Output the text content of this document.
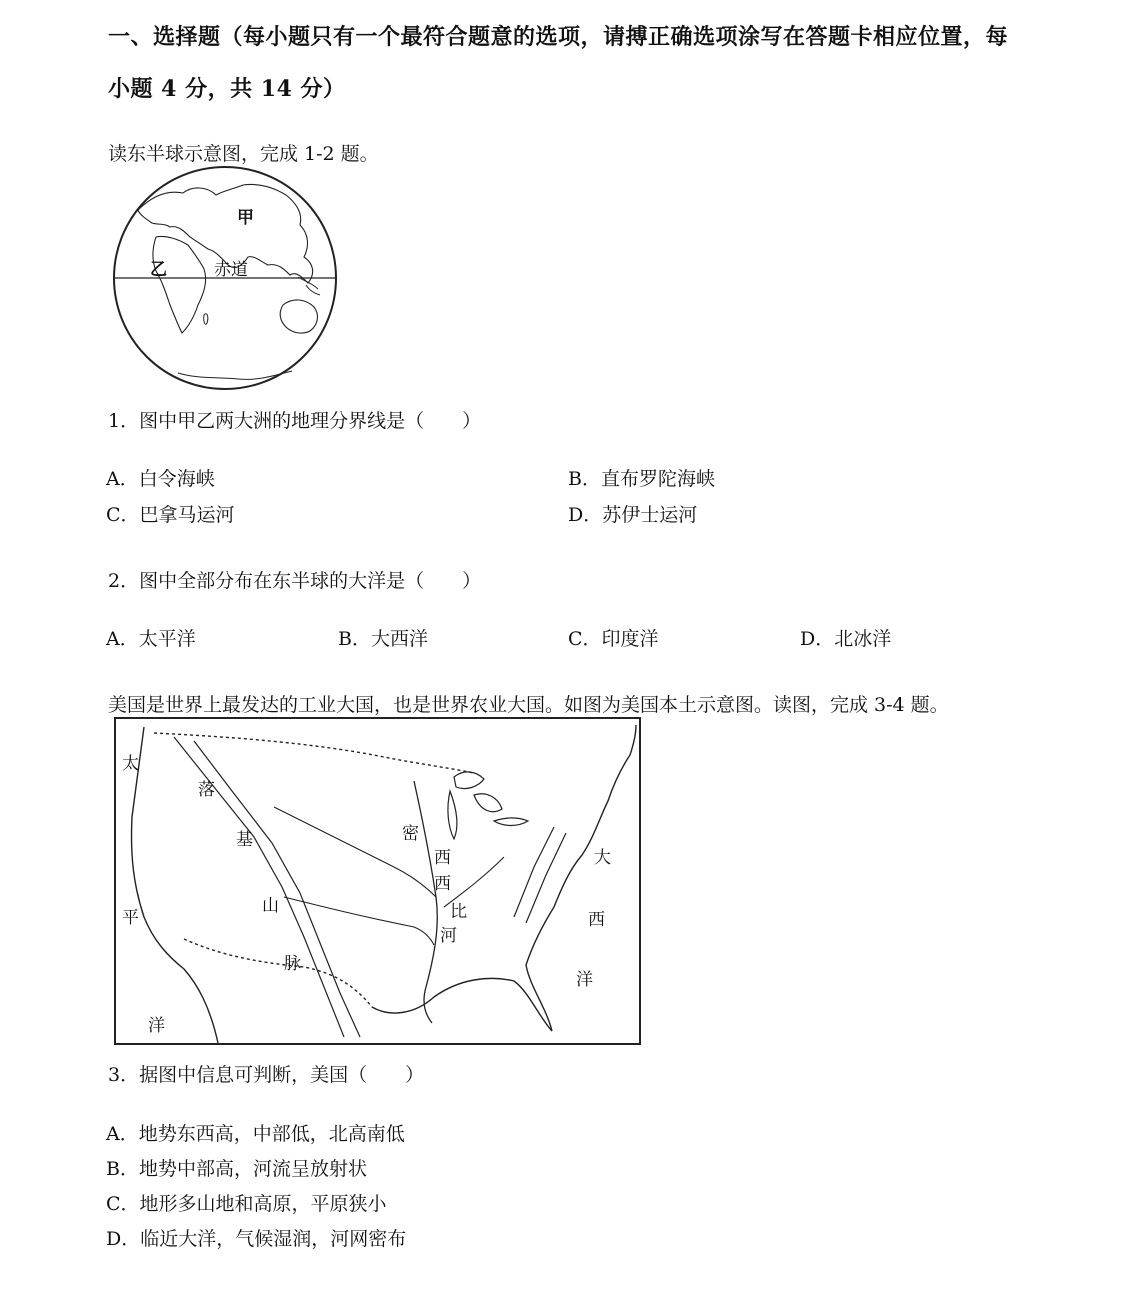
一、选择题（每小题只有一个最符合题意的选项，请搏正确选项涂写在答题卡相应位置，每
小题 4 分，共 14 分）
读东半球示意图，完成 1-2 题。
甲
乙	赤道
1．图中甲乙两大洲的地理分界线是（　　）
A．白令海峡	B．直布罗陀海峡
C．巴拿马运河	D．苏伊士运河
2．图中全部分布在东半球的大洋是（　　）
A．太平洋	B．大西洋	C．印度洋	D．北冰洋
美国是世界上最发达的工业大国，也是世界农业大国。如图为美国本土示意图。读图，完成 3-4 题。
太
平
洋
落
基
山
脉
密
西
西
比
河
大
西
洋
3．据图中信息可判断，美国（　　）
A．地势东西高，中部低，北高南低
B．地势中部高，河流呈放射状
C．地形多山地和高原，平原狭小
D．临近大洋，气候湿润，河网密布
